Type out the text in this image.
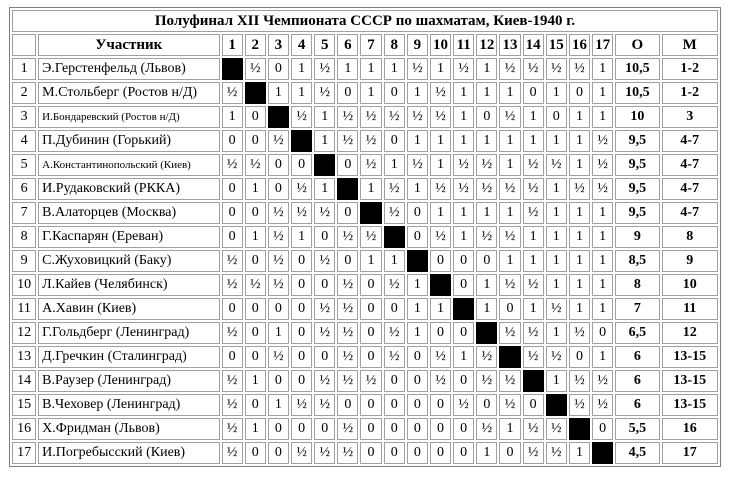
Полуфинал XII Чемпионата СССР по шахматам, Киев-1940 г.																				
	Участник	1	2	3	4	5	6	7	8	9	10	11	12	13	14	15	16	17	О	М
1	Э.Герстенфельд (Львов)		½	0	1	½	1	1	1	½	1	½	1	½	½	½	½	1	10,5	1-2
2	М.Стольберг (Ростов н/Д)	½		1	1	½	0	1	0	1	½	1	1	1	0	1	0	1	10,5	1-2
3	И.Бондаревский (Ростов н/Д)	1	0		½	1	½	½	½	½	½	1	0	½	1	0	1	1	10	3
4	П.Дубинин (Горький)	0	0	½		1	½	½	0	1	1	1	1	1	1	1	1	½	9,5	4-7
5	А.Константинопольский (Киев)	½	½	0	0		0	½	1	½	1	½	½	1	½	½	1	½	9,5	4-7
6	И.Рудаковский (РККА)	0	1	0	½	1		1	½	1	½	½	½	½	½	1	½	½	9,5	4-7
7	В.Алаторцев (Москва)	0	0	½	½	½	0		½	0	1	1	1	1	½	1	1	1	9,5	4-7
8	Г.Каспарян (Ереван)	0	1	½	1	0	½	½		0	½	1	½	½	1	1	1	1	9	8
9	С.Жуховицкий (Баку)	½	0	½	0	½	0	1	1		0	0	0	1	1	1	1	1	8,5	9
10	Л.Кайев (Челябинск)	½	½	½	0	0	½	0	½	1		0	1	½	½	1	1	1	8	10
11	А.Хавин (Киев)	0	0	0	0	½	½	0	0	1	1		1	0	1	½	1	1	7	11
12	Г.Гольдберг (Ленинград)	½	0	1	0	½	½	0	½	1	0	0		½	½	1	½	0	6,5	12
13	Д.Гречкин (Сталинград)	0	0	½	0	0	½	0	½	0	½	1	½		½	½	0	1	6	13-15
14	В.Раузер (Ленинград)	½	1	0	0	½	½	½	0	0	½	0	½	½		1	½	½	6	13-15
15	В.Чеховер (Ленинград)	½	0	1	½	½	0	0	0	0	0	½	0	½	0		½	½	6	13-15
16	Х.Фридман (Львов)	½	1	0	0	0	½	0	0	0	0	0	½	1	½	½		0	5,5	16
17	И.Погребысский (Киев)	½	0	0	½	½	½	0	0	0	0	0	1	0	½	½	1		4,5	17
